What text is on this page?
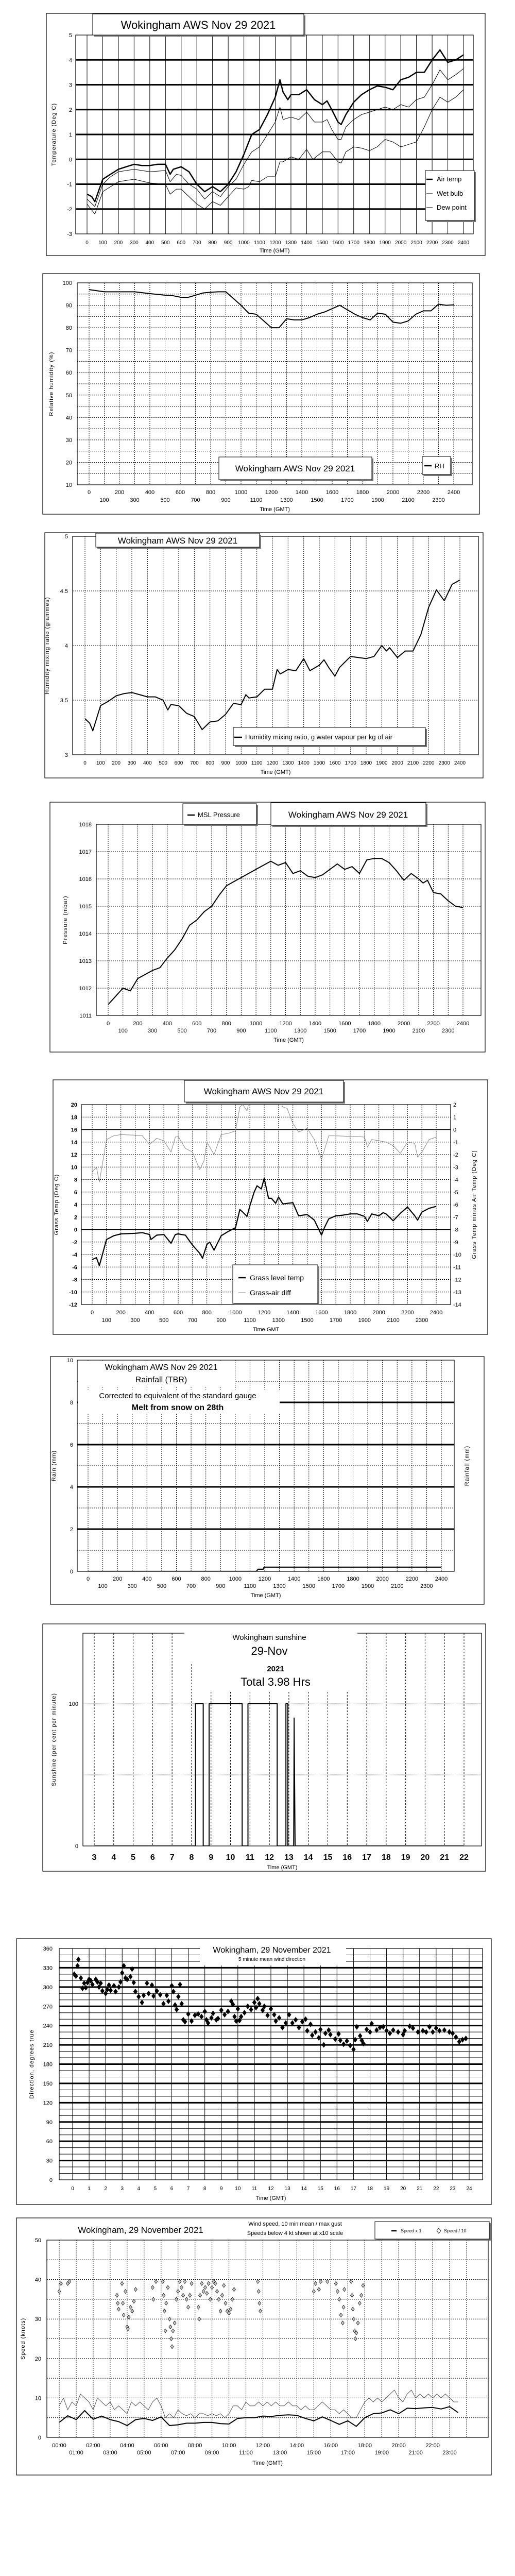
0 100 200 300 400 500 600 700 800 900 1000 1100 1200 1300 1400 1500 1600 1700 1800 1900 2000 2100 2200 2300 2400
-3
-2
-1
0
1
2
3
4
5
Time (GMT)
Temperature (Deg C)
Wokingham AWS Nov 29 2021
Air temp
Wet bulb
Dew point
0
100
200
300
400
500
600
700
800
900
1000
1100
1200
1300
1400
1500
1600
1700
1800
1900
2000
2100
2200
2300
2400
10
20
30
40
50
60
70
80
90
100
Time (GMT)
Relative humidity (%)
Wokingham AWS Nov 29 2021	RH
0 100 200 300 400 500 600 700 800 900 1000 1100 1200 1300 1400 1500 1600 1700 1800 1900 2000 2100 2200 2300 2400
3
3.5
4
4.5
5
Time (GMT)
Humidity mixing ratio (grammes)
Wokingham AWS Nov 29 2021
Humidity mixing ratio, g water vapour per kg of air
0
100
200
300
400
500
600
700
800
900
1000
1100
1200
1300
1400
1500
1600
1700
1800
1900
2000
2100
2200
2300
2400
1011
1012
1013
1014
1015
1016
1017
1018
Time (GMT)
Pressure (mbar)
MSL Pressure	Wokingham AWS Nov 29 2021
0
100
200
300
400
500
600
700
800
900
1000
1100
1200
1300
1400
1500
1600
1700
1800
1900
2000
2100
2200
2300
2400
-12
-10
-8
-6
-4
-2
0
2
4
6
8
10
12
14
16
18
20
Time GMT
Grass Temp (Deg C)
Wokingham AWS Nov 29 2021
Grass level temp
Grass-air diff
-14
-13
-12
-11
-10
-9
-8
-7
-6
-5
-4
-3
-2
-1
0
1
2
Grass Temp minus Air Temp (Deg C)
0
100
200
300
400
500
600
700
800
900
1000
1100
1200
1300
1400
1500
1600
1700
1800
1900
2000
2100
2200
2300
2400
0
2
4
6
8
10
Time (GMT)
Rain (mm)
Wokingham AWS Nov 29 2021
Rainfall (TBR)
Corrected to equivalent of the standard gauge
Melt from snow on 28th
Rainfall (mm)
3 4 5 6 7 8 9 10 11 12 13 14 15 16 17 18 19 20 21 22
0
100
Time (GMT)
Sunshine (per cent per minute)
Wokingham sunshine
29-Nov
2021
Total 3.98 Hrs
0	1	2	3	4	5	6	7	8	9 10 11 12 13 14 15 16 17 18 19 20 21 22 23 24
0
30
60
90
120
150
180
210
240
270
300
330
360
Time (GMT)
Direction, degrees true
Wokingham, 29 November 2021
5 minute mean wind direction
00:00
01:00
02:00
03:00
04:00
05:00
06:00
07:00
08:00
09:00
10:00
11:00
12:00
13:00
14:00
15:00
16:00
17:00
18:00
19:00
20:00
21:00
22:00
23:00
0
10
20
30
40
50
Time (GMT)
Speed (knots)
Wokingham, 29 November 2021
Wind speed, 10 min mean / max gust
Speeds below 4 kt shown at x10 scale	Speed x 1	Speed / 10
